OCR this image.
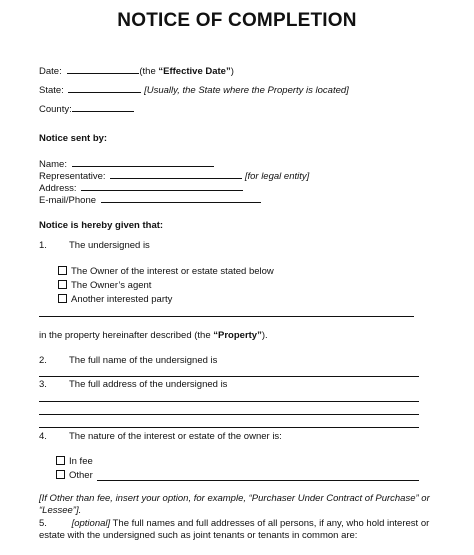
NOTICE OF COMPLETION
Date:	(the “Effective Date”)
State:	[Usually, the State where the Property is located]
County:
Notice sent by:
Name:
Representative:	[for legal entity]
Address:
E-mail/Phone
Notice is hereby given that:
1. The undersigned is
The Owner of the interest or estate stated below
The Owner’s agent
Another interested party
in the property hereinafter described (the “Property”).
2. The full name of the undersigned is
3. The full address of the undersigned is
4. The nature of the interest or estate of the owner is:
In fee
Other
[If Other than fee, insert your option, for example, “Purchaser Under Contract of Purchase” or “Lessee”].
5.	[optional] The full names and full addresses of all persons, if any, who hold interest or estate with the undersigned such as joint tenants or tenants in common are:
